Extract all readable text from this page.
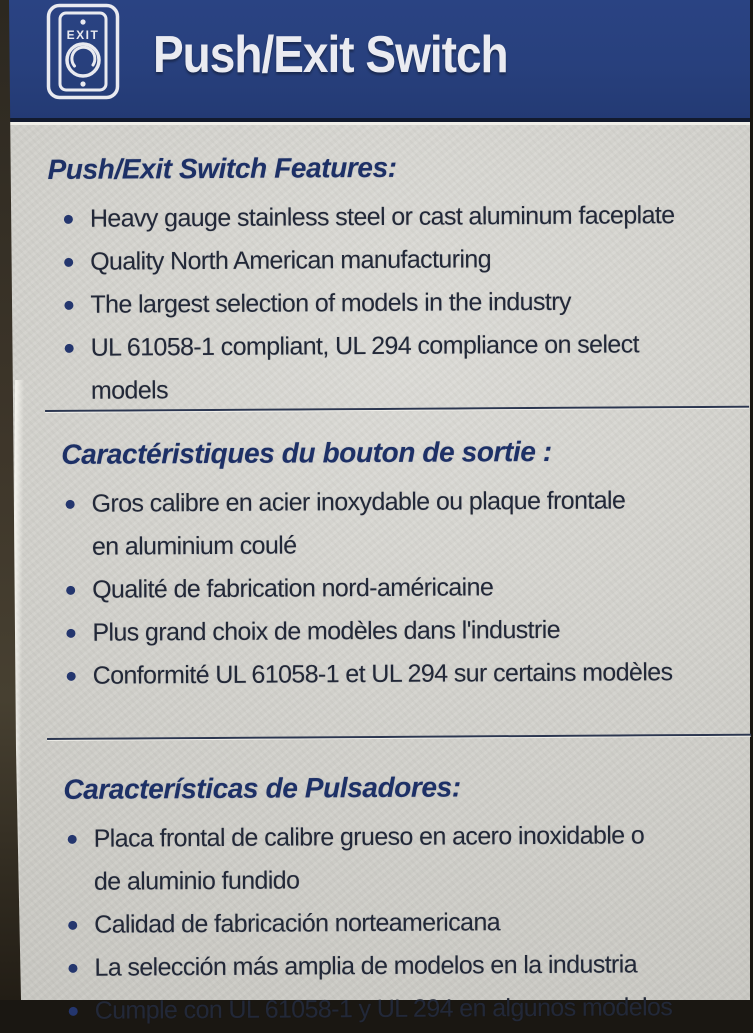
EXIT Push/Exit Switch
Push/Exit Switch Features:
Heavy gauge stainless steel or cast aluminum faceplate
Quality North American manufacturing
The largest selection of models in the industry
UL 61058-1 compliant, UL 294 compliance on select models
Caractéristiques du bouton de sortie :
Gros calibre en acier inoxydable ou plaque frontale
en aluminium coulé
Qualité de fabrication nord-américaine
Plus grand choix de modèles dans l'industrie
Conformité UL 61058-1 et UL 294 sur certains modèles
Características de Pulsadores:
Placa frontal de calibre grueso en acero inoxidable o
de aluminio fundido
Calidad de fabricación norteamericana
La selección más amplia de modelos en la industria
Cumple con UL 61058-1 y UL 294 en algunos modelos
